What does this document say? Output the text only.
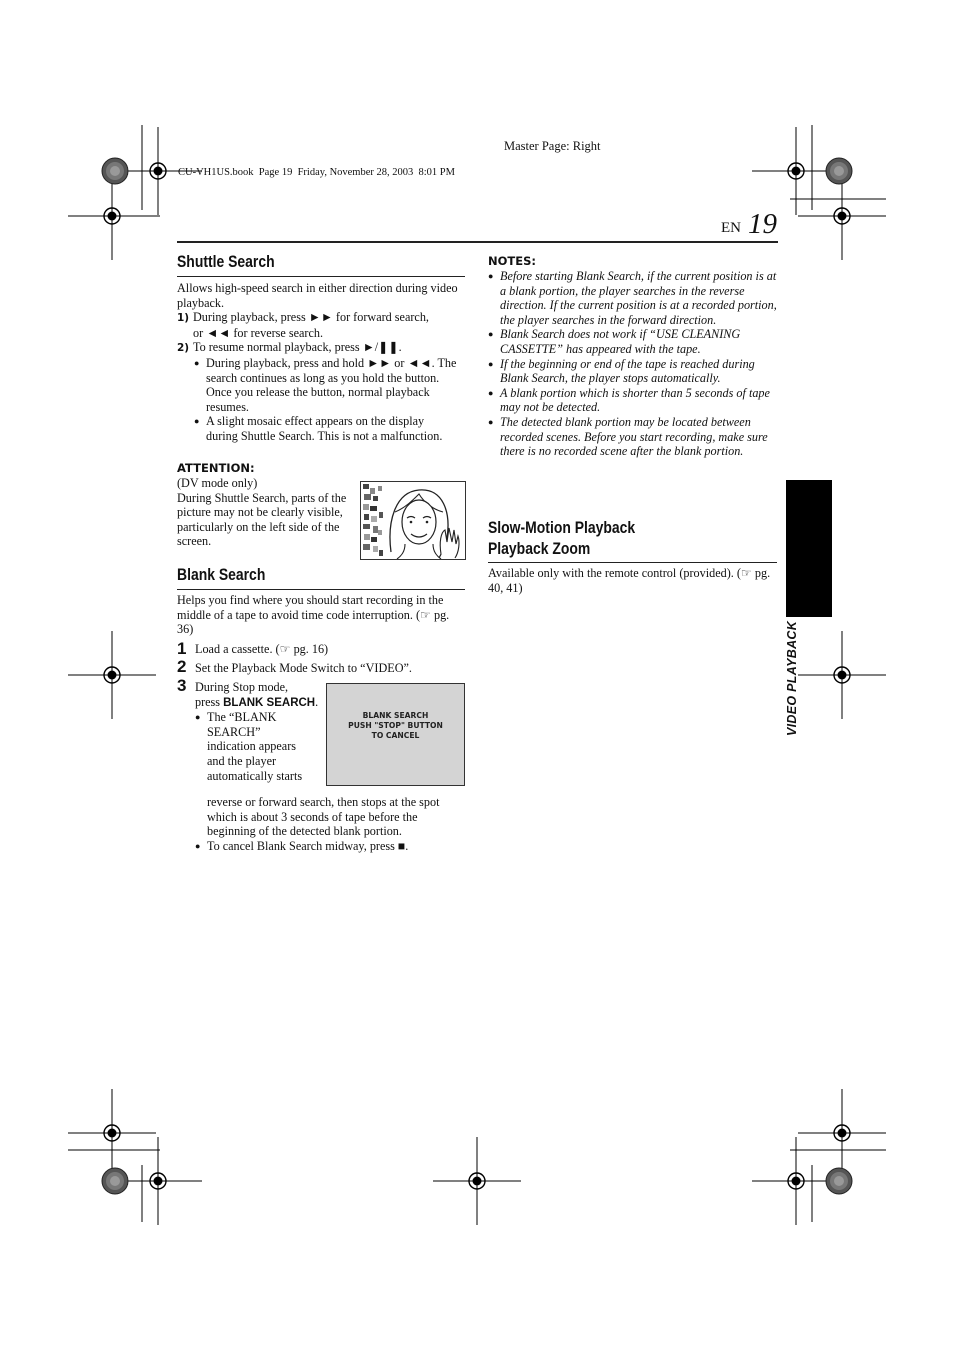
Master Page: Right
CU-VH1US.book  Page 19  Friday, November 28, 2003  8:01 PM
EN 19
VIDEO PLAYBACK
Shuttle Search

Allows high-speed search in either direction during video playback.

1) During playback, press ►► for forward search,

or ◄◄ for reverse search.

2) To resume normal playback, press ►/❚❚.

● During playback, press and hold ►► or ◄◄. The search continues as long as you hold the button. Once you release the button, normal playback resumes.

● A slight mosaic effect appears on the display during Shuttle Search. This is not a malfunction.

ATTENTION:

(DV mode only)

During Shuttle Search, parts of the picture may not be clearly visible, particularly on the left side of the screen.

Blank Search
Helps you find where you should start recording in the middle of a tape to avoid time code interruption. (☞ pg. 36)
1 Load a cassette. (☞ pg. 16)
2 Set the Playback Mode Switch to “VIDEO”.
3 During Stop mode,

press BLANK SEARCH.

● The “BLANK SEARCH” indication appears and the player automatically starts

reverse or forward search, then stops at the spot which is about 3 seconds of tape before the beginning of the detected blank portion.

● To cancel Blank Search midway, press ■.

BLANK SEARCH
PUSH "STOP" BUTTON
TO CANCEL
NOTES:

● Before starting Blank Search, if the current position is at a blank portion, the player searches in the reverse direction. If the current position is at a recorded portion, the player searches in the forward direction.

● Blank Search does not work if “USE CLEANING CASSETTE” has appeared with the tape.

● If the beginning or end of the tape is reached during Blank Search, the player stops automatically.

● A blank portion which is shorter than 5 seconds of tape may not be detected.

● The detected blank portion may be located between recorded scenes. Before you start recording, make sure there is no recorded scene after the blank portion.

Slow-Motion Playback
Playback Zoom
Available only with the remote control (provided). (☞ pg. 40, 41)
